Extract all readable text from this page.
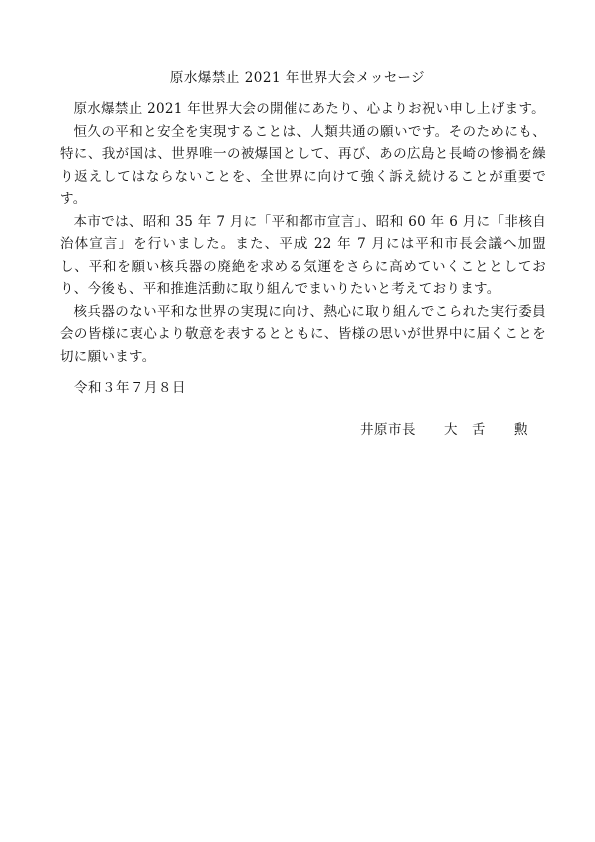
原水爆禁止 2021 年世界大会メッセージ

原水爆禁止 2021 年世界大会の開催にあたり、心よりお祝い申し上げます。

恒久の平和と安全を実現することは、人類共通の願いです。そのためにも、特に、我が国は、世界唯一の被爆国として、再び、あの広島と長崎の惨禍を繰り返えしてはならないことを、全世界に向けて強く訴え続けることが重要です。

本市では、昭和 35 年 7 月に「平和都市宣言」、昭和 60 年 6 月に「非核自治体宣言」を行いました。また、平成 22 年 7 月には平和市長会議へ加盟し、平和を願い核兵器の廃絶を求める気運をさらに高めていくこととしており、今後も、平和推進活動に取り組んでまいりたいと考えております。

核兵器のない平和な世界の実現に向け、熱心に取り組んでこられた実行委員会の皆様に衷心より敬意を表するとともに、皆様の思いが世界中に届くことを切に願います。

令和３年７月８日
井原市長　　大　舌　　勲
